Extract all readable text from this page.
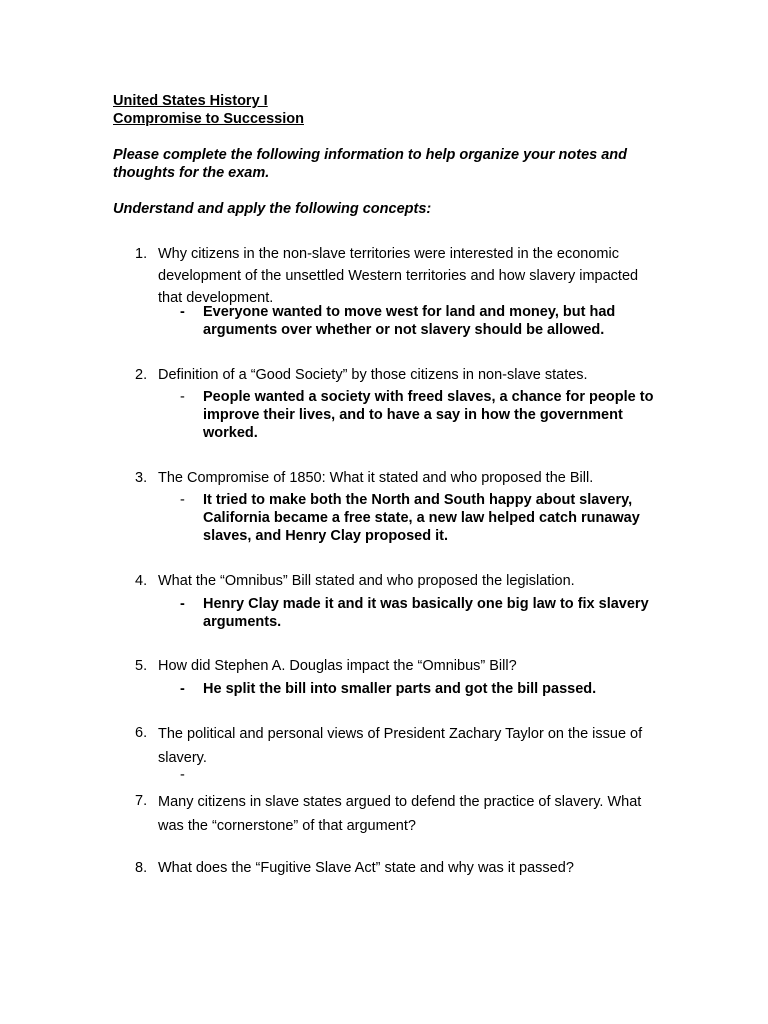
United States History I
Compromise to Succession
Please complete the following information to help organize your notes and thoughts for the exam.
Understand and apply the following concepts:
1. Why citizens in the non-slave territories were interested in the economic development of the unsettled Western territories and how slavery impacted that development.
- Everyone wanted to move west for land and money, but had arguments over whether or not slavery should be allowed.
2. Definition of a “Good Society” by those citizens in non-slave states.
- People wanted a society with freed slaves, a chance for people to improve their lives, and to have a say in how the government worked.
3. The Compromise of 1850: What it stated and who proposed the Bill.
- It tried to make both the North and South happy about slavery, California became a free state, a new law helped catch runaway slaves, and Henry Clay proposed it.
4. What the “Omnibus” Bill stated and who proposed the legislation.
- Henry Clay made it and it was basically one big law to fix slavery arguments.
5. How did Stephen A. Douglas impact the “Omnibus” Bill?
- He split the bill into smaller parts and got the bill passed.
6. The political and personal views of President Zachary Taylor on the issue of slavery.
-
7. Many citizens in slave states argued to defend the practice of slavery. What was the “cornerstone” of that argument?
8. What does the “Fugitive Slave Act” state and why was it passed?
